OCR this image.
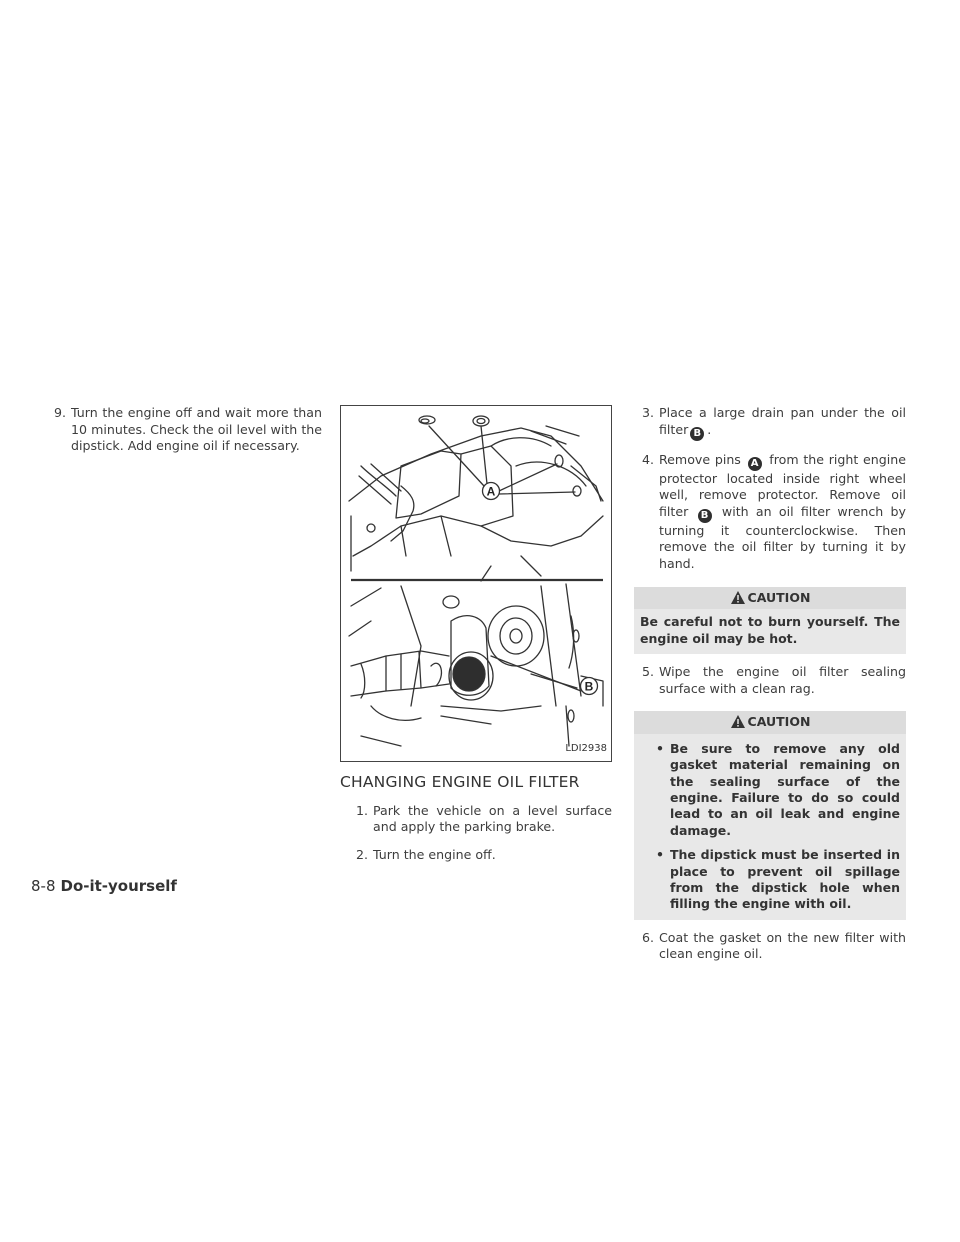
9. Turn the engine off and wait more than 10 minutes. Check the oil level with the dipstick. Add engine oil if necessary.
A
B
LDI2938
CHANGING ENGINE OIL FILTER
1. Park the vehicle on a level surface and apply the parking brake.
2. Turn the engine off.
3. Place a large drain pan under the oil filter B .
4. Remove pins A from the right engine protector located inside right wheel well, remove protector. Remove oil filter B with an oil filter wrench by turning it counterclockwise. Then remove the oil filter by turning it by hand.
CAUTION
Be careful not to burn yourself. The engine oil may be hot.
5. Wipe the engine oil filter sealing surface with a clean rag.
CAUTION
• Be sure to remove any old gasket material remaining on the sealing surface of the engine. Failure to do so could lead to an oil leak and engine damage.
• The dipstick must be inserted in place to prevent oil spillage from the dipstick hole when filling the engine with oil.
6. Coat the gasket on the new filter with clean engine oil.
8-8 Do-it-yourself
